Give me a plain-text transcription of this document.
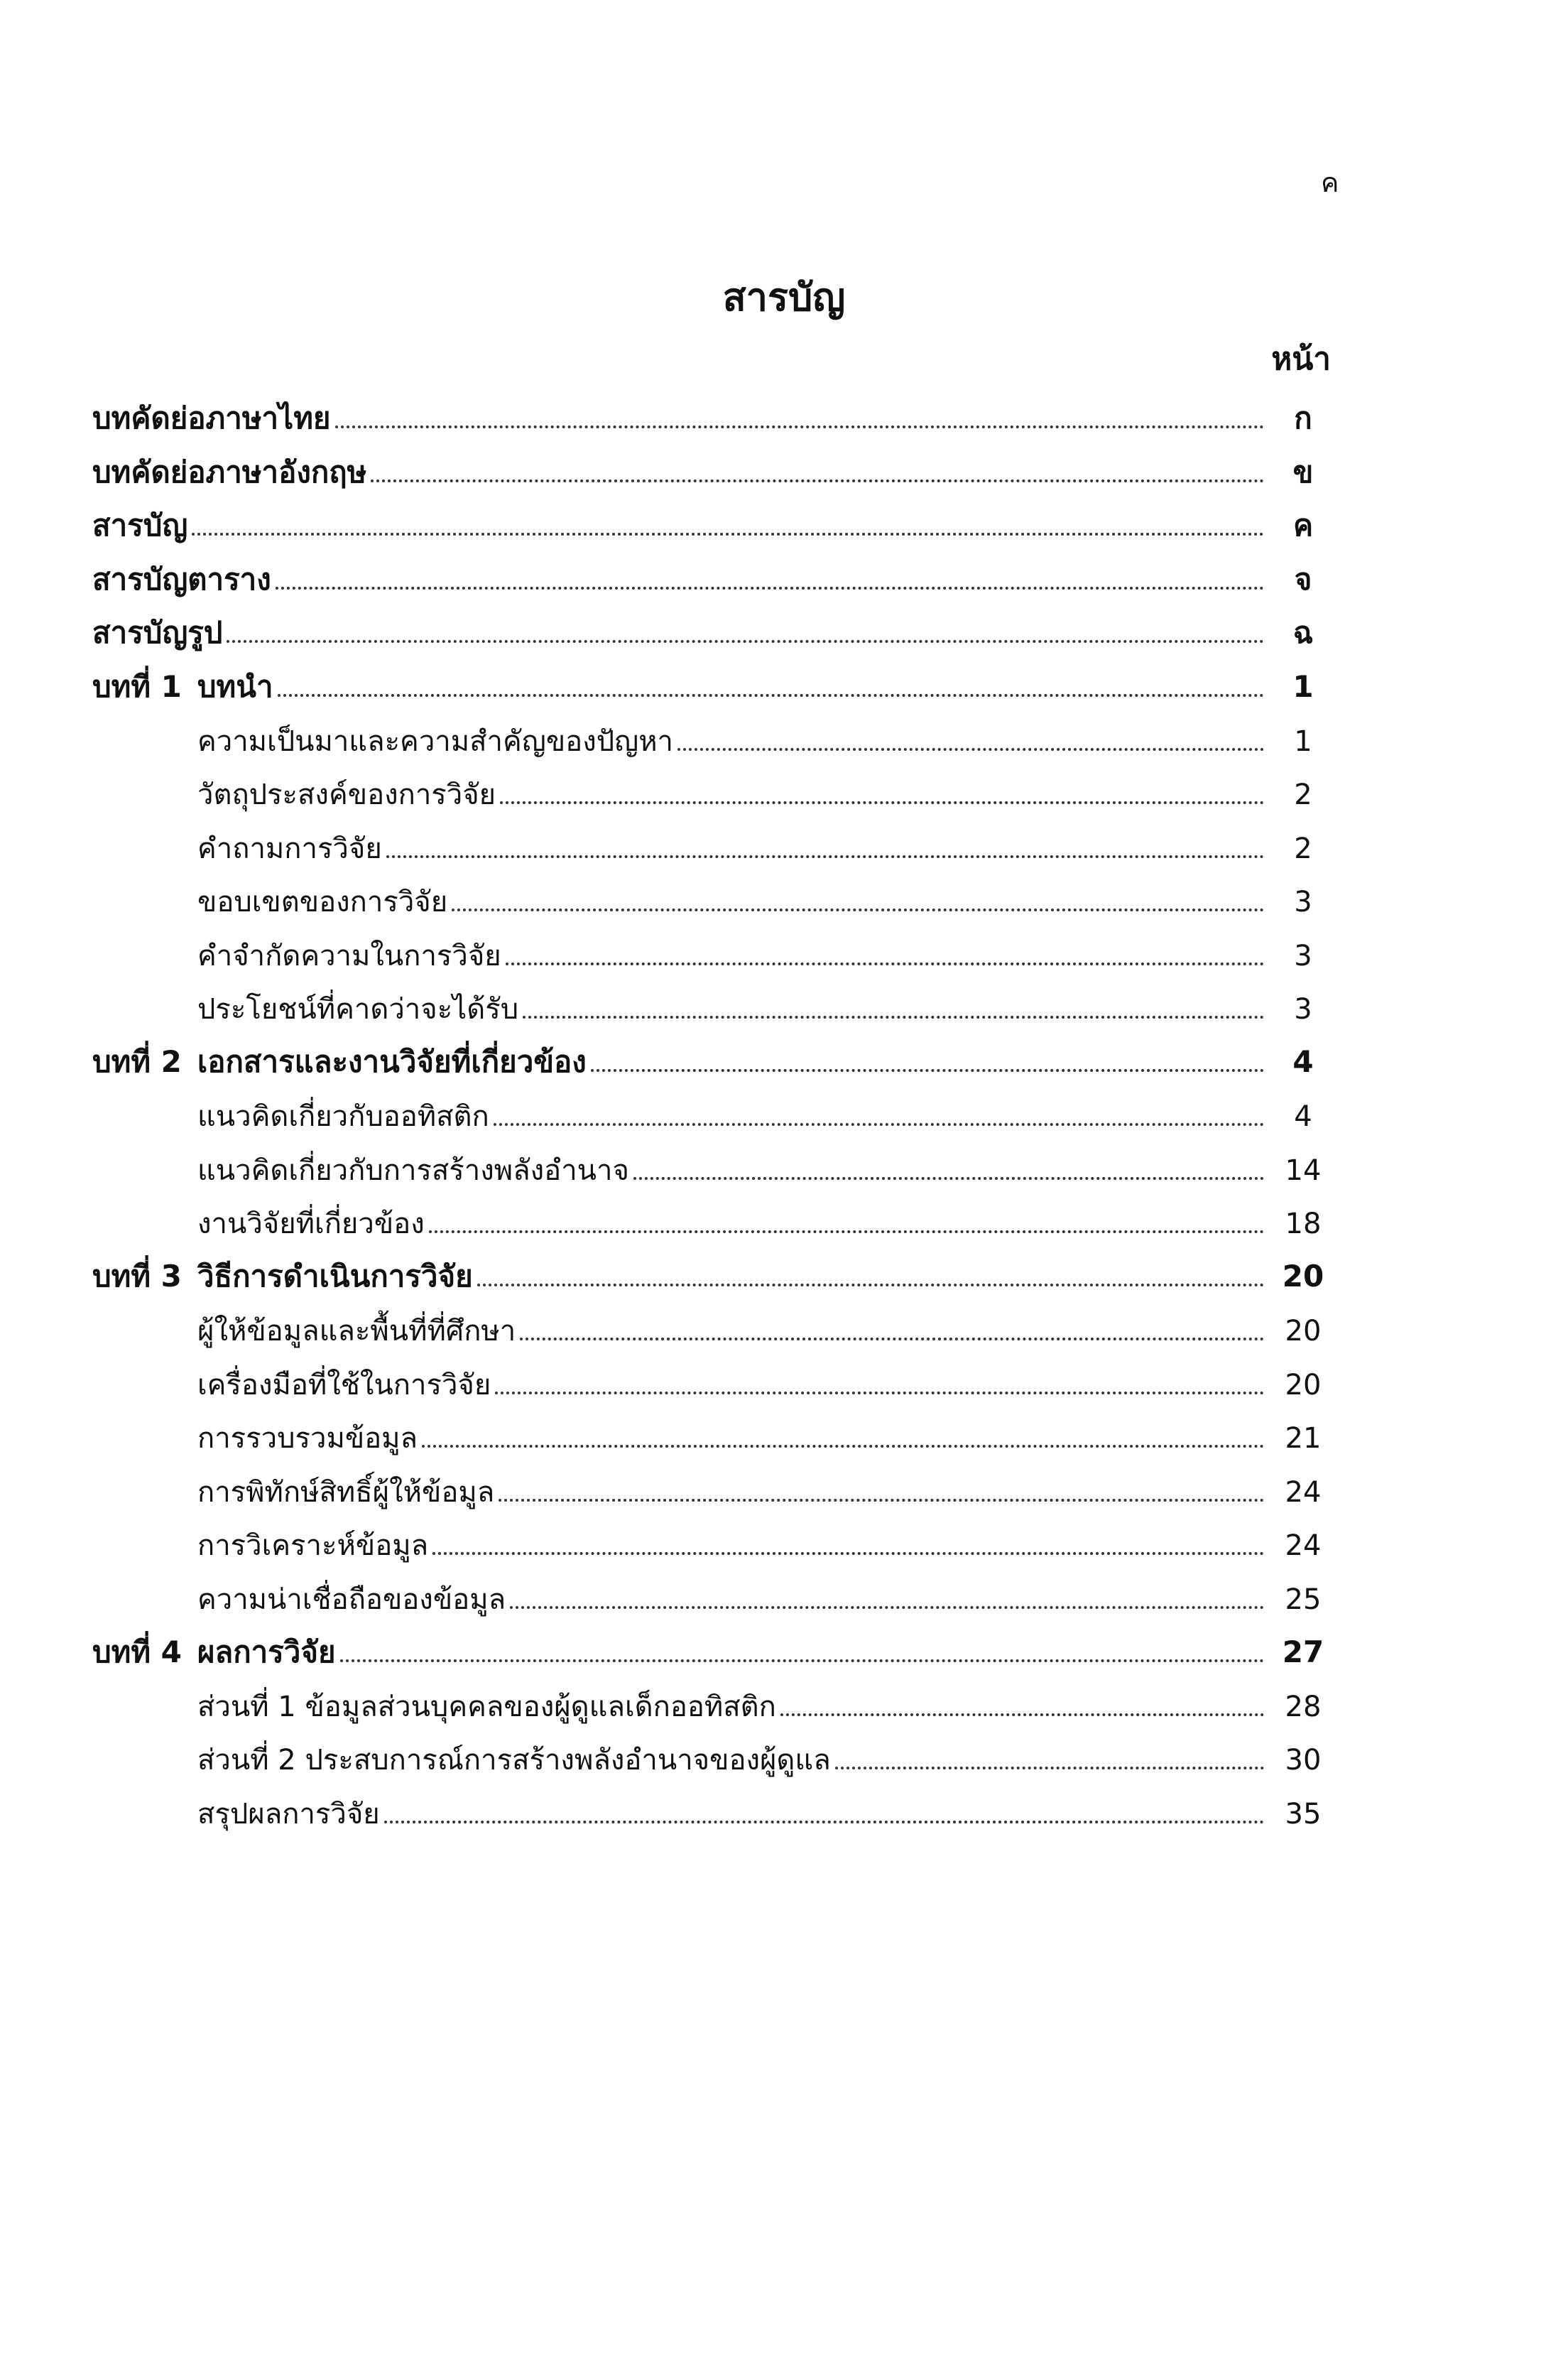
ค
สารบัญ
หน้า
บทคัดย่อภาษาไทย	ก
บทคัดย่อภาษาอังกฤษ	ข
สารบัญ	ค
สารบัญตาราง	จ
สารบัญรูป	ฉ
บทที่ 1 บทนำ	1
ความเป็นมาและความสำคัญของปัญหา	1
วัตถุประสงค์ของการวิจัย	2
คำถามการวิจัย	2
ขอบเขตของการวิจัย	3
คำจำกัดความในการวิจัย	3
ประโยชน์ที่คาดว่าจะได้รับ	3
บทที่ 2 เอกสารและงานวิจัยที่เกี่ยวข้อง	4
แนวคิดเกี่ยวกับออทิสติก	4
แนวคิดเกี่ยวกับการสร้างพลังอำนาจ	14
งานวิจัยที่เกี่ยวข้อง	18
บทที่ 3 วิธีการดำเนินการวิจัย	20
ผู้ให้ข้อมูลและพื้นที่ที่ศึกษา	20
เครื่องมือที่ใช้ในการวิจัย	20
การรวบรวมข้อมูล	21
การพิทักษ์สิทธิ์ผู้ให้ข้อมูล	24
การวิเคราะห์ข้อมูล	24
ความน่าเชื่อถือของข้อมูล	25
บทที่ 4 ผลการวิจัย	27
ส่วนที่ 1 ข้อมูลส่วนบุคคลของผู้ดูแลเด็กออทิสติก	28
ส่วนที่ 2 ประสบการณ์การสร้างพลังอำนาจของผู้ดูแล	30
สรุปผลการวิจัย	35
